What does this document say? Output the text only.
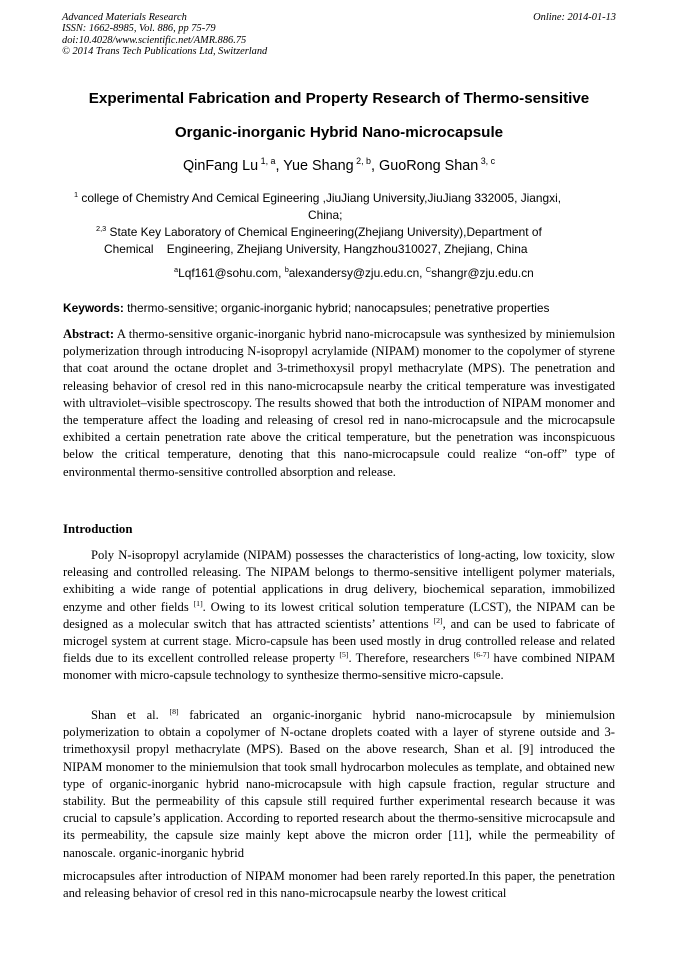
Advanced Materials Research
ISSN: 1662-8985, Vol. 886, pp 75-79
doi:10.4028/www.scientific.net/AMR.886.75
© 2014 Trans Tech Publications Ltd, Switzerland
Online: 2014-01-13
Experimental Fabrication and Property Research of Thermo-sensitive
Organic-inorganic Hybrid Nano-microcapsule
QinFang Lu $^{1, a}$, Yue Shang $^{2, b}$, GuoRong Shan $^{3, c}$
$^1$ college of Chemistry And Cemical Egineering ,JiuJiang University,JiuJiang 332005, Jiangxi,
China;
$^{2,3}$ State Key Laboratory of Chemical Engineering(Zhejiang University),Department of
Chemical    Engineering, Zhejiang University, Hangzhou310027, Zhejiang, China
$^a$Lqf161@sohu.com, $^b$alexandersy@zju.edu.cn, $^C$shangr@zju.edu.cn
Keywords: thermo-sensitive; organic-inorganic hybrid; nanocapsules; penetrative properties
Abstract: A thermo-sensitive organic-inorganic hybrid nano-microcapsule was synthesized by miniemulsion polymerization through introducing N-isopropyl acrylamide (NIPAM) monomer to the copolymer of styrene that coat around the octane droplet and 3-trimethoxysil propyl methacrylate (MPS). The penetration and releasing behavior of cresol red in this nano-microcapsule nearby the critical temperature was investigated with ultraviolet–visible spectroscopy. The results showed that both the introduction of NIPAM monomer and the temperature affect the loading and releasing of cresol red in nano-microcapsule and the microcapsule exhibited a certain penetration rate above the critical temperature, but the penetration was inconspicuous below the critical temperature, denoting that this nano-microcapsule could realize “on-off” type of environmental thermo-sensitive controlled absorption and release.
Introduction
Poly N-isopropyl acrylamide (NIPAM) possesses the characteristics of long-acting, low toxicity, slow releasing and controlled releasing. The NIPAM belongs to thermo-sensitive intelligent polymer materials, exhibiting a wide range of potential applications in drug delivery, biochemical separation, immobilized enzyme and other fields [1]. Owing to its lowest critical solution temperature (LCST), the NIPAM can be designed as a molecular switch that has attracted scientists’ attentions [2], and can be used to fabricate of microgel system at current stage. Micro-capsule has been used mostly in drug controlled release and related fields due to its excellent controlled release property [5]. Therefore, researchers [6-7] have combined NIPAM monomer with micro-capsule technology to synthesize thermo-sensitive micro-capsule.
Shan et al. [8] fabricated an organic-inorganic hybrid nano-microcapsule by miniemulsion polymerization to obtain a copolymer of N-octane droplets coated with a layer of styrene outside and 3-trimethoxysil propyl methacrylate (MPS). Based on the above research, Shan et al. [9] introduced the NIPAM monomer to the miniemulsion that took small hydrocarbon molecules as template, and obtained new type of organic-inorganic hybrid nano-microcapsule with high capsule fraction, regular structure and stability. But the permeability of this capsule still required further experimental research because it was crucial to capsule’s application. According to reported research about the thermo-sensitive microcapsule and its permeability, the capsule size mainly kept above the micron order [11], while the permeability of nanoscale. organic-inorganic hybrid
microcapsules after introduction of NIPAM monomer had been rarely reported.In this paper, the penetration and releasing behavior of cresol red in this nano-microcapsule nearby the lowest critical
